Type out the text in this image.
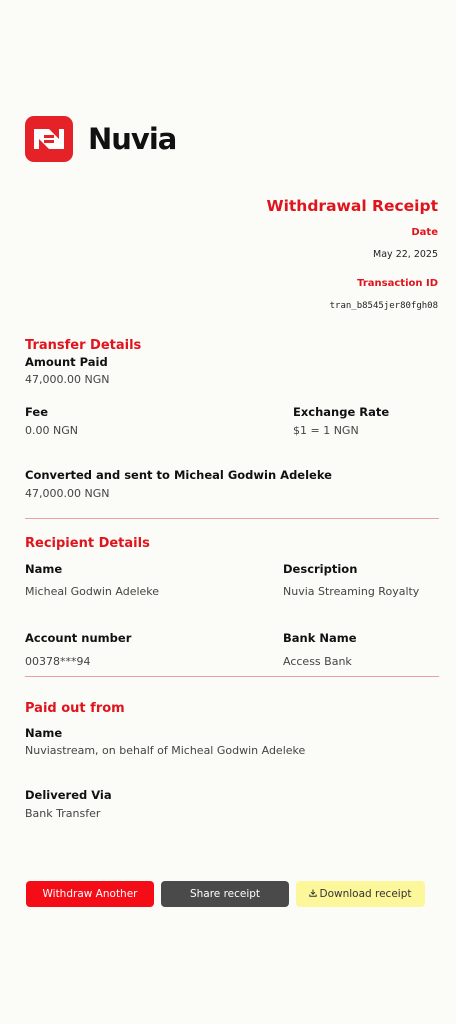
Nuvia
Withdrawal Receipt
Date
May 22, 2025
Transaction ID
tran_b8545jer80fgh08
Transfer Details
Amount Paid
47,000.00 NGN
Fee
0.00 NGN
Exchange Rate
$1 = 1 NGN
Converted and sent to Micheal Godwin Adeleke
47,000.00 NGN
Recipient Details
Name
Micheal Godwin Adeleke
Description
Nuvia Streaming Royalty
Account number
00378***94
Bank Name
Access Bank
Paid out from
Name
Nuviastream, on behalf of Micheal Godwin Adeleke
Delivered Via
Bank Transfer
Withdraw Another	Share receipt	Download receipt
